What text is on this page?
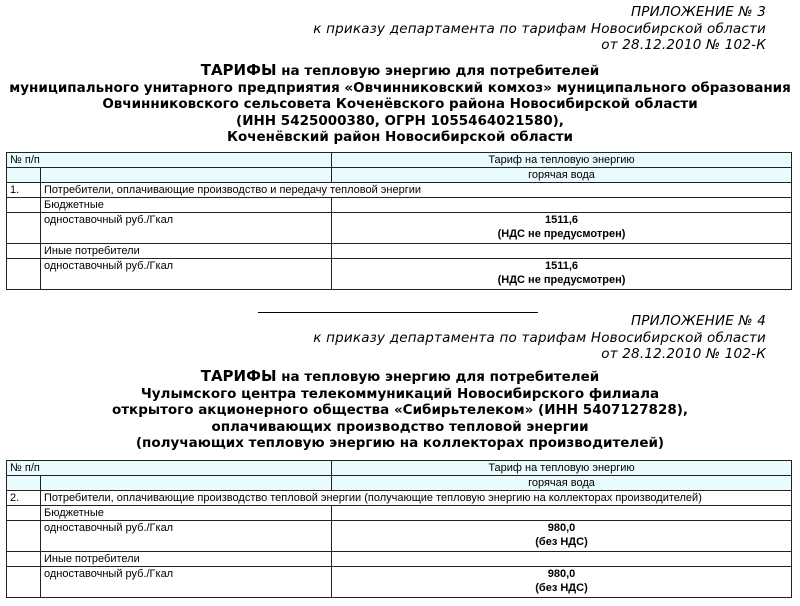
ПРИЛОЖЕНИЕ № 3
к приказу департамента по тарифам Новосибирской области
от 28.12.2010 № 102-К
ТАРИФЫ на тепловую энергию для потребителей
муниципального унитарного предприятия «Овчинниковский комхоз» муниципального образования
Овчинниковского сельсовета Коченёвского района Новосибирской области
(ИНН 5425000380, ОГРН 1055464021580),
Коченёвский район Новосибирской области
№ п/п		Тариф на тепловую энергию
		горячая вода
1.	Потребители, оплачивающие производство и передачу тепловой энергии	
	Бюджетные	
	одноставочный руб./Гкал	1511,6
(НДС не предусмотрен)

	Иные потребители	
	одноставочный руб./Гкал	1511,6
(НДС не предусмотрен)
ПРИЛОЖЕНИЕ № 4
к приказу департамента по тарифам Новосибирской области
от 28.12.2010 № 102-К
ТАРИФЫ на тепловую энергию для потребителей
Чулымского центра телекоммуникаций Новосибирского филиала
открытого акционерного общества «Сибирьтелеком» (ИНН 5407127828),
оплачивающих производство тепловой энергии
(получающих тепловую энергию на коллекторах производителей)
№ п/п		Тариф на тепловую энергию
		горячая вода
2.	Потребители, оплачивающие производство тепловой энергии (получающие тепловую энергию на коллекторах производителей)	
	Бюджетные	
	одноставочный руб./Гкал	980,0
(без НДС)

	Иные потребители	
	одноставочный руб./Гкал	980,0
(без НДС)
